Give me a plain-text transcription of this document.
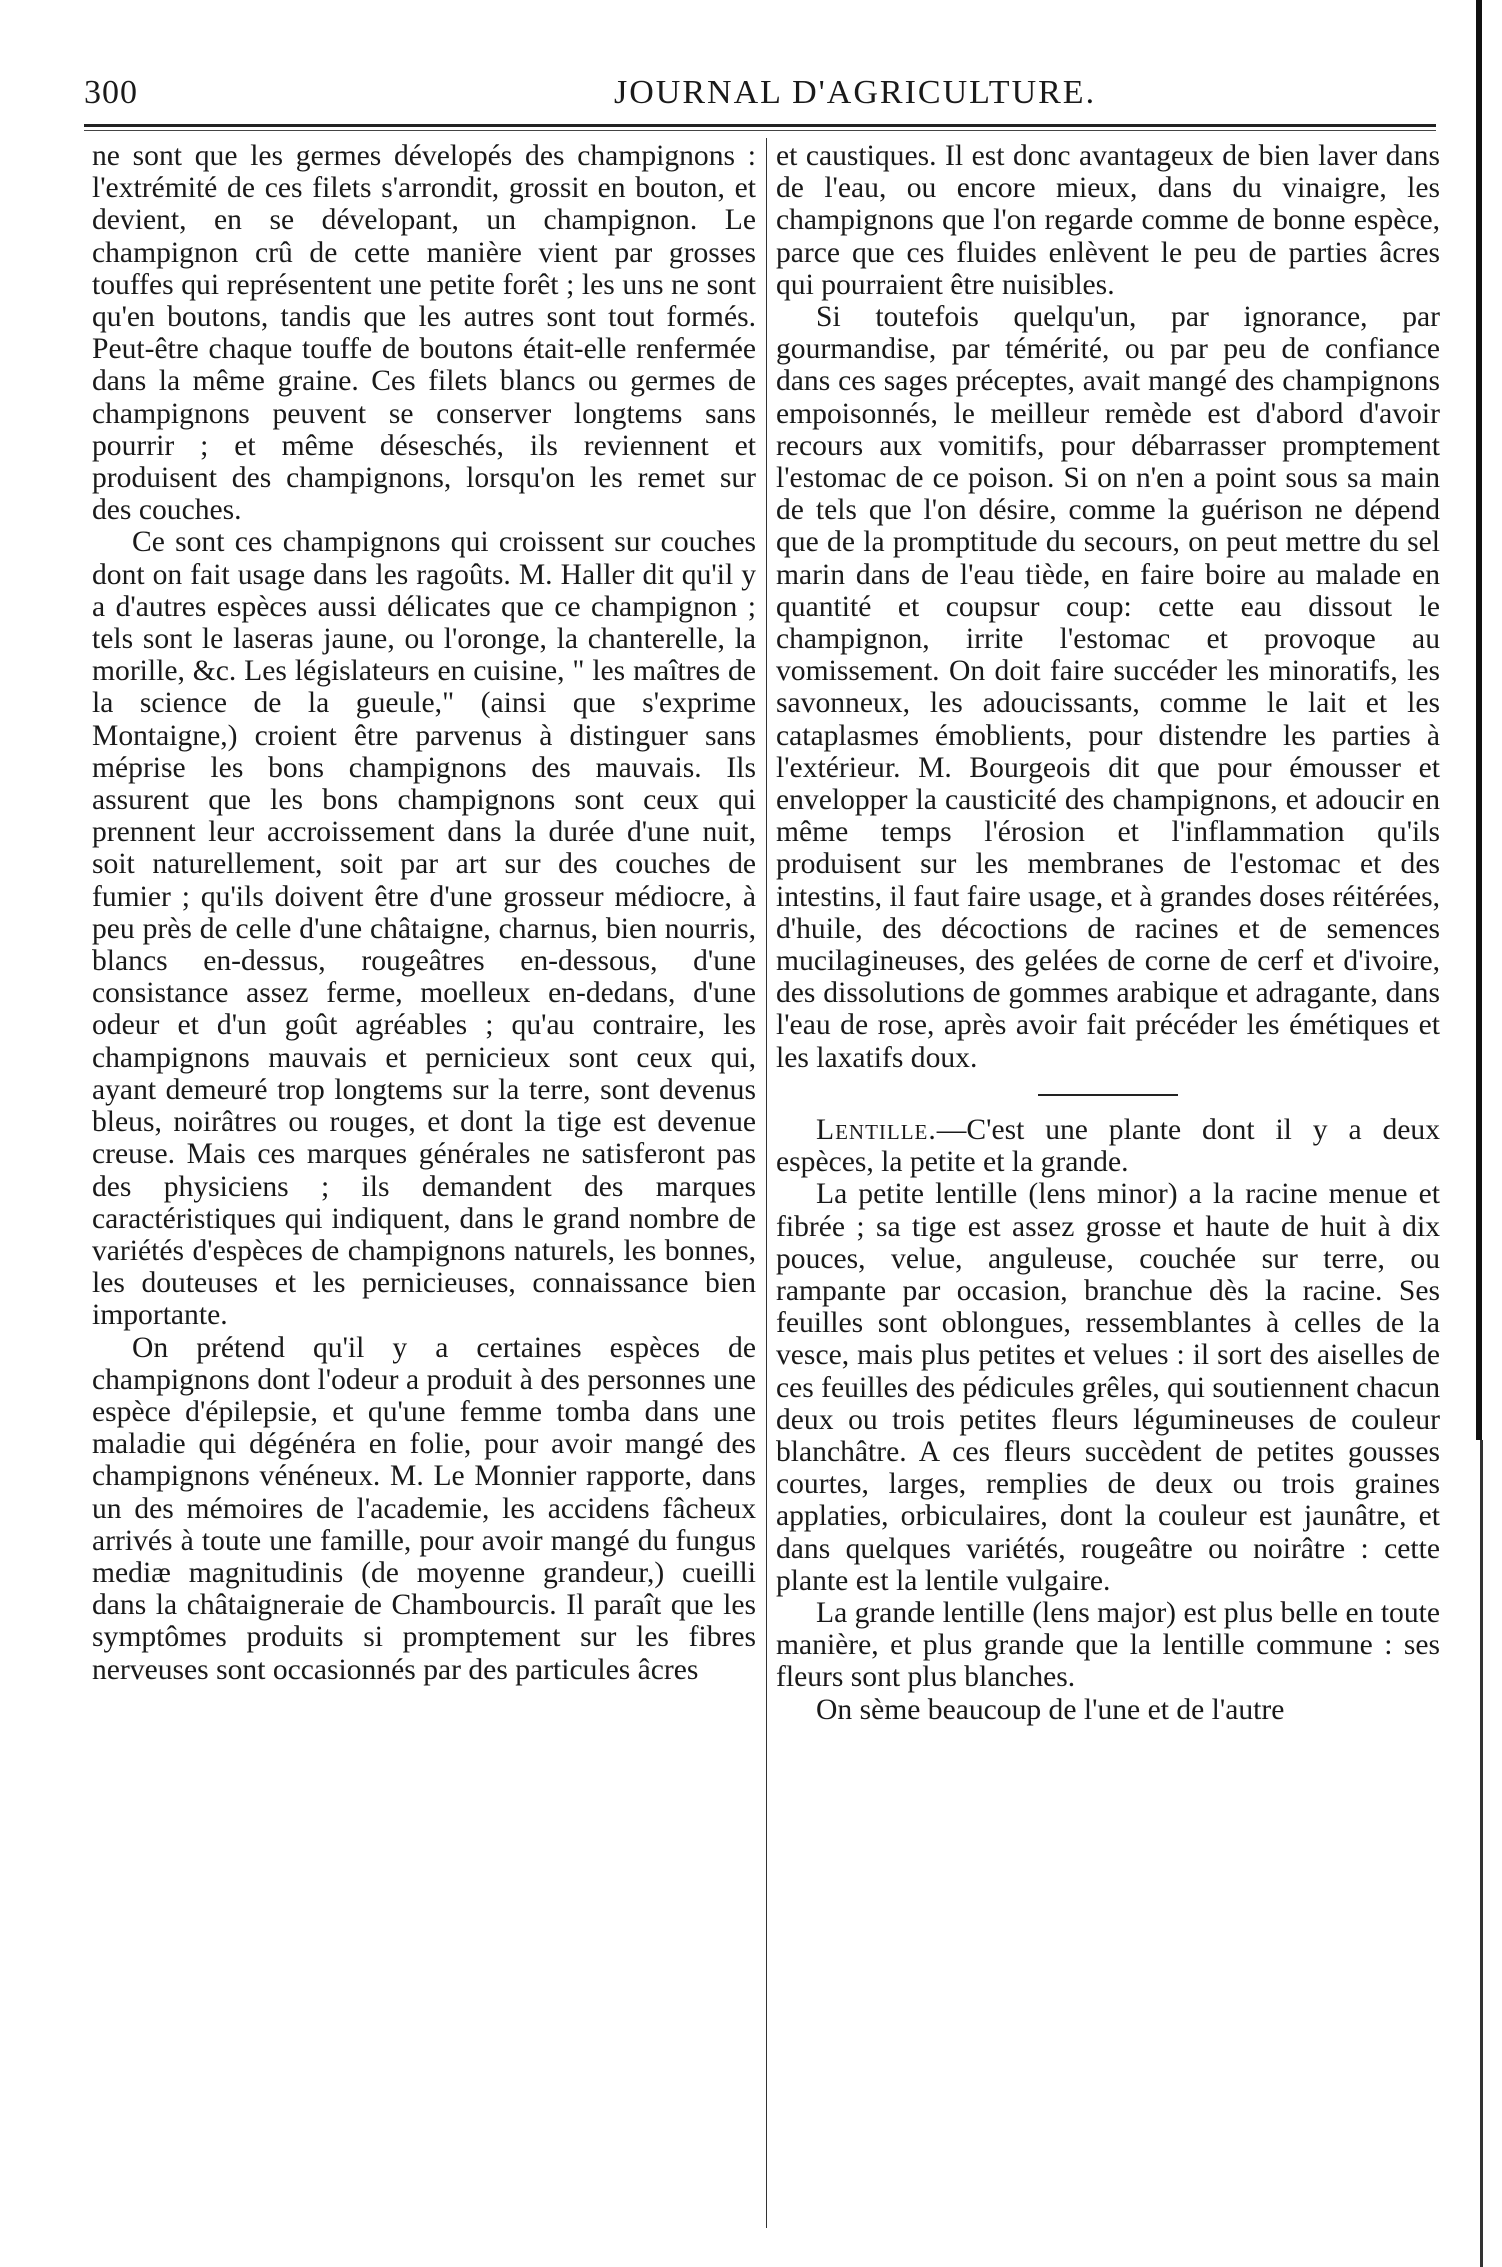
300	JOURNAL D'AGRICULTURE.

ne sont que les germes dévelopés des champignons : l'extrémité de ces filets s'arrondit, grossit en bouton, et devient, en se dévelopant, un champignon. Le champignon crû de cette manière vient par grosses touffes qui représentent une petite forêt ; les uns ne sont qu'en boutons, tandis que les autres sont tout formés. Peut-être chaque touffe de boutons était-elle renfermée dans la même graine. Ces filets blancs ou germes de champignons peuvent se conserver longtems sans pourrir ; et même déseschés, ils reviennent et produisent des champignons, lorsqu'on les remet sur des couches.

Ce sont ces champignons qui croissent sur couches dont on fait usage dans les ragoûts. M. Haller dit qu'il y a d'autres espèces aussi délicates que ce champignon ; tels sont le laseras jaune, ou l'oronge, la chanterelle, la morille, &c. Les législateurs en cuisine, " les maîtres de la science de la gueule," (ainsi que s'exprime Montaigne,) croient être parvenus à distinguer sans méprise les bons champignons des mauvais. Ils assurent que les bons champignons sont ceux qui prennent leur accroissement dans la durée d'une nuit, soit naturellement, soit par art sur des couches de fumier ; qu'ils doivent être d'une grosseur médiocre, à peu près de celle d'une châtaigne, charnus, bien nourris, blancs en-dessus, rougeâtres en-dessous, d'une consistance assez ferme, moelleux en-dedans, d'une odeur et d'un goût agréables ; qu'au contraire, les champignons mauvais et pernicieux sont ceux qui, ayant demeuré trop longtems sur la terre, sont devenus bleus, noirâtres ou rouges, et dont la tige est devenue creuse. Mais ces marques générales ne satisferont pas des physiciens ; ils demandent des marques caractéristiques qui indiquent, dans le grand nombre de variétés d'espèces de champignons naturels, les bonnes, les douteuses et les pernicieuses, connaissance bien importante.

On prétend qu'il y a certaines espèces de champignons dont l'odeur a produit à des personnes une espèce d'épilepsie, et qu'une femme tomba dans une maladie qui dégénéra en folie, pour avoir mangé des champignons vénéneux. M. Le Monnier rapporte, dans un des mémoires de l'academie, les accidens fâcheux arrivés à toute une famille, pour avoir mangé du fungus mediæ magnitudinis (de moyenne grandeur,) cueilli dans la châtaigneraie de Chambourcis. Il paraît que les symptômes produits si promptement sur les fibres nerveuses sont occasionnés par des particules âcres

et caustiques. Il est donc avantageux de bien laver dans de l'eau, ou encore mieux, dans du vinaigre, les champignons que l'on regarde comme de bonne espèce, parce que ces fluides enlèvent le peu de parties âcres qui pourraient être nuisibles.

Si toutefois quelqu'un, par ignorance, par gourmandise, par témérité, ou par peu de confiance dans ces sages préceptes, avait mangé des champignons empoisonnés, le meilleur remède est d'abord d'avoir recours aux vomitifs, pour débarrasser promptement l'estomac de ce poison. Si on n'en a point sous sa main de tels que l'on désire, comme la guérison ne dépend que de la promptitude du secours, on peut mettre du sel marin dans de l'eau tiède, en faire boire au malade en quantité et coupsur coup: cette eau dissout le champignon, irrite l'estomac et provoque au vomissement. On doit faire succéder les minoratifs, les savonneux, les adoucissants, comme le lait et les cataplasmes émoblients, pour distendre les parties à l'extérieur. M. Bourgeois dit que pour émousser et envelopper la causticité des champignons, et adoucir en même temps l'érosion et l'inflammation qu'ils produisent sur les membranes de l'estomac et des intestins, il faut faire usage, et à grandes doses réitérées, d'huile, des décoctions de racines et de semences mucilagineuses, des gelées de corne de cerf et d'ivoire, des dissolutions de gommes arabique et adragante, dans l'eau de rose, après avoir fait précéder les émétiques et les laxatifs doux.

Lentille.—C'est une plante dont il y a deux espèces, la petite et la grande.

La petite lentille (lens minor) a la racine menue et fibrée ; sa tige est assez grosse et haute de huit à dix pouces, velue, anguleuse, couchée sur terre, ou rampante par occasion, branchue dès la racine. Ses feuilles sont oblongues, ressemblantes à celles de la vesce, mais plus petites et velues : il sort des aiselles de ces feuilles des pédicules grêles, qui soutiennent chacun deux ou trois petites fleurs légumineuses de couleur blanchâtre. A ces fleurs succèdent de petites gousses courtes, larges, remplies de deux ou trois graines applaties, orbiculaires, dont la couleur est jaunâtre, et dans quelques variétés, rougeâtre ou noirâtre : cette plante est la lentile vulgaire.

La grande lentille (lens major) est plus belle en toute manière, et plus grande que la lentille commune : ses fleurs sont plus blanches.

On sème beaucoup de l'une et de l'autre
